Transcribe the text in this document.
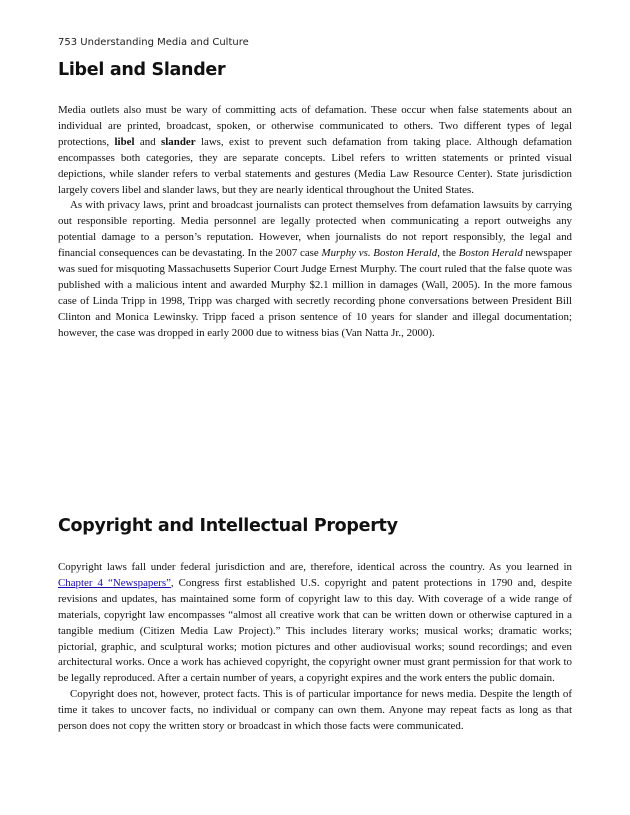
753 Understanding Media and Culture
Libel and Slander

Media outlets also must be wary of committing acts of defamation. These occur when false statements about an individual are printed, broadcast, spoken, or otherwise communicated to others. Two different types of legal protections, libel and slander laws, exist to prevent such defamation from taking place. Although defamation encompasses both categories, they are separate concepts. Libel refers to written statements or printed visual depictions, while slander refers to verbal statements and gestures (Media Law Resource Center). State jurisdiction largely covers libel and slander laws, but they are nearly identical throughout the United States.

As with privacy laws, print and broadcast journalists can protect themselves from defamation lawsuits by carrying out responsible reporting. Media personnel are legally protected when communicating a report outweighs any potential damage to a person’s reputation. However, when journalists do not report responsibly, the legal and financial consequences can be devastating. In the 2007 case Murphy vs. Boston Herald, the Boston Herald newspaper was sued for misquoting Massachusetts Superior Court Judge Ernest Murphy. The court ruled that the false quote was published with a malicious intent and awarded Murphy $2.1 million in damages (Wall, 2005). In the more famous case of Linda Tripp in 1998, Tripp was charged with secretly recording phone conversations between President Bill Clinton and Monica Lewinsky. Tripp faced a prison sentence of 10 years for slander and illegal documentation; however, the case was dropped in early 2000 due to witness bias (Van Natta Jr., 2000).

Copyright and Intellectual Property

Copyright laws fall under federal jurisdiction and are, therefore, identical across the country. As you learned in Chapter 4 “Newspapers”, Congress first established U.S. copyright and patent protections in 1790 and, despite revisions and updates, has maintained some form of copyright law to this day. With coverage of a wide range of materials, copyright law encompasses “almost all creative work that can be written down or otherwise captured in a tangible medium (Citizen Media Law Project).” This includes literary works; musical works; dramatic works; pictorial, graphic, and sculptural works; motion pictures and other audiovisual works; sound recordings; and even architectural works. Once a work has achieved copyright, the copyright owner must grant permission for that work to be legally reproduced. After a certain number of years, a copyright expires and the work enters the public domain.

Copyright does not, however, protect facts. This is of particular importance for news media. Despite the length of time it takes to uncover facts, no individual or company can own them. Anyone may repeat facts as long as that person does not copy the written story or broadcast in which those facts were communicated.
